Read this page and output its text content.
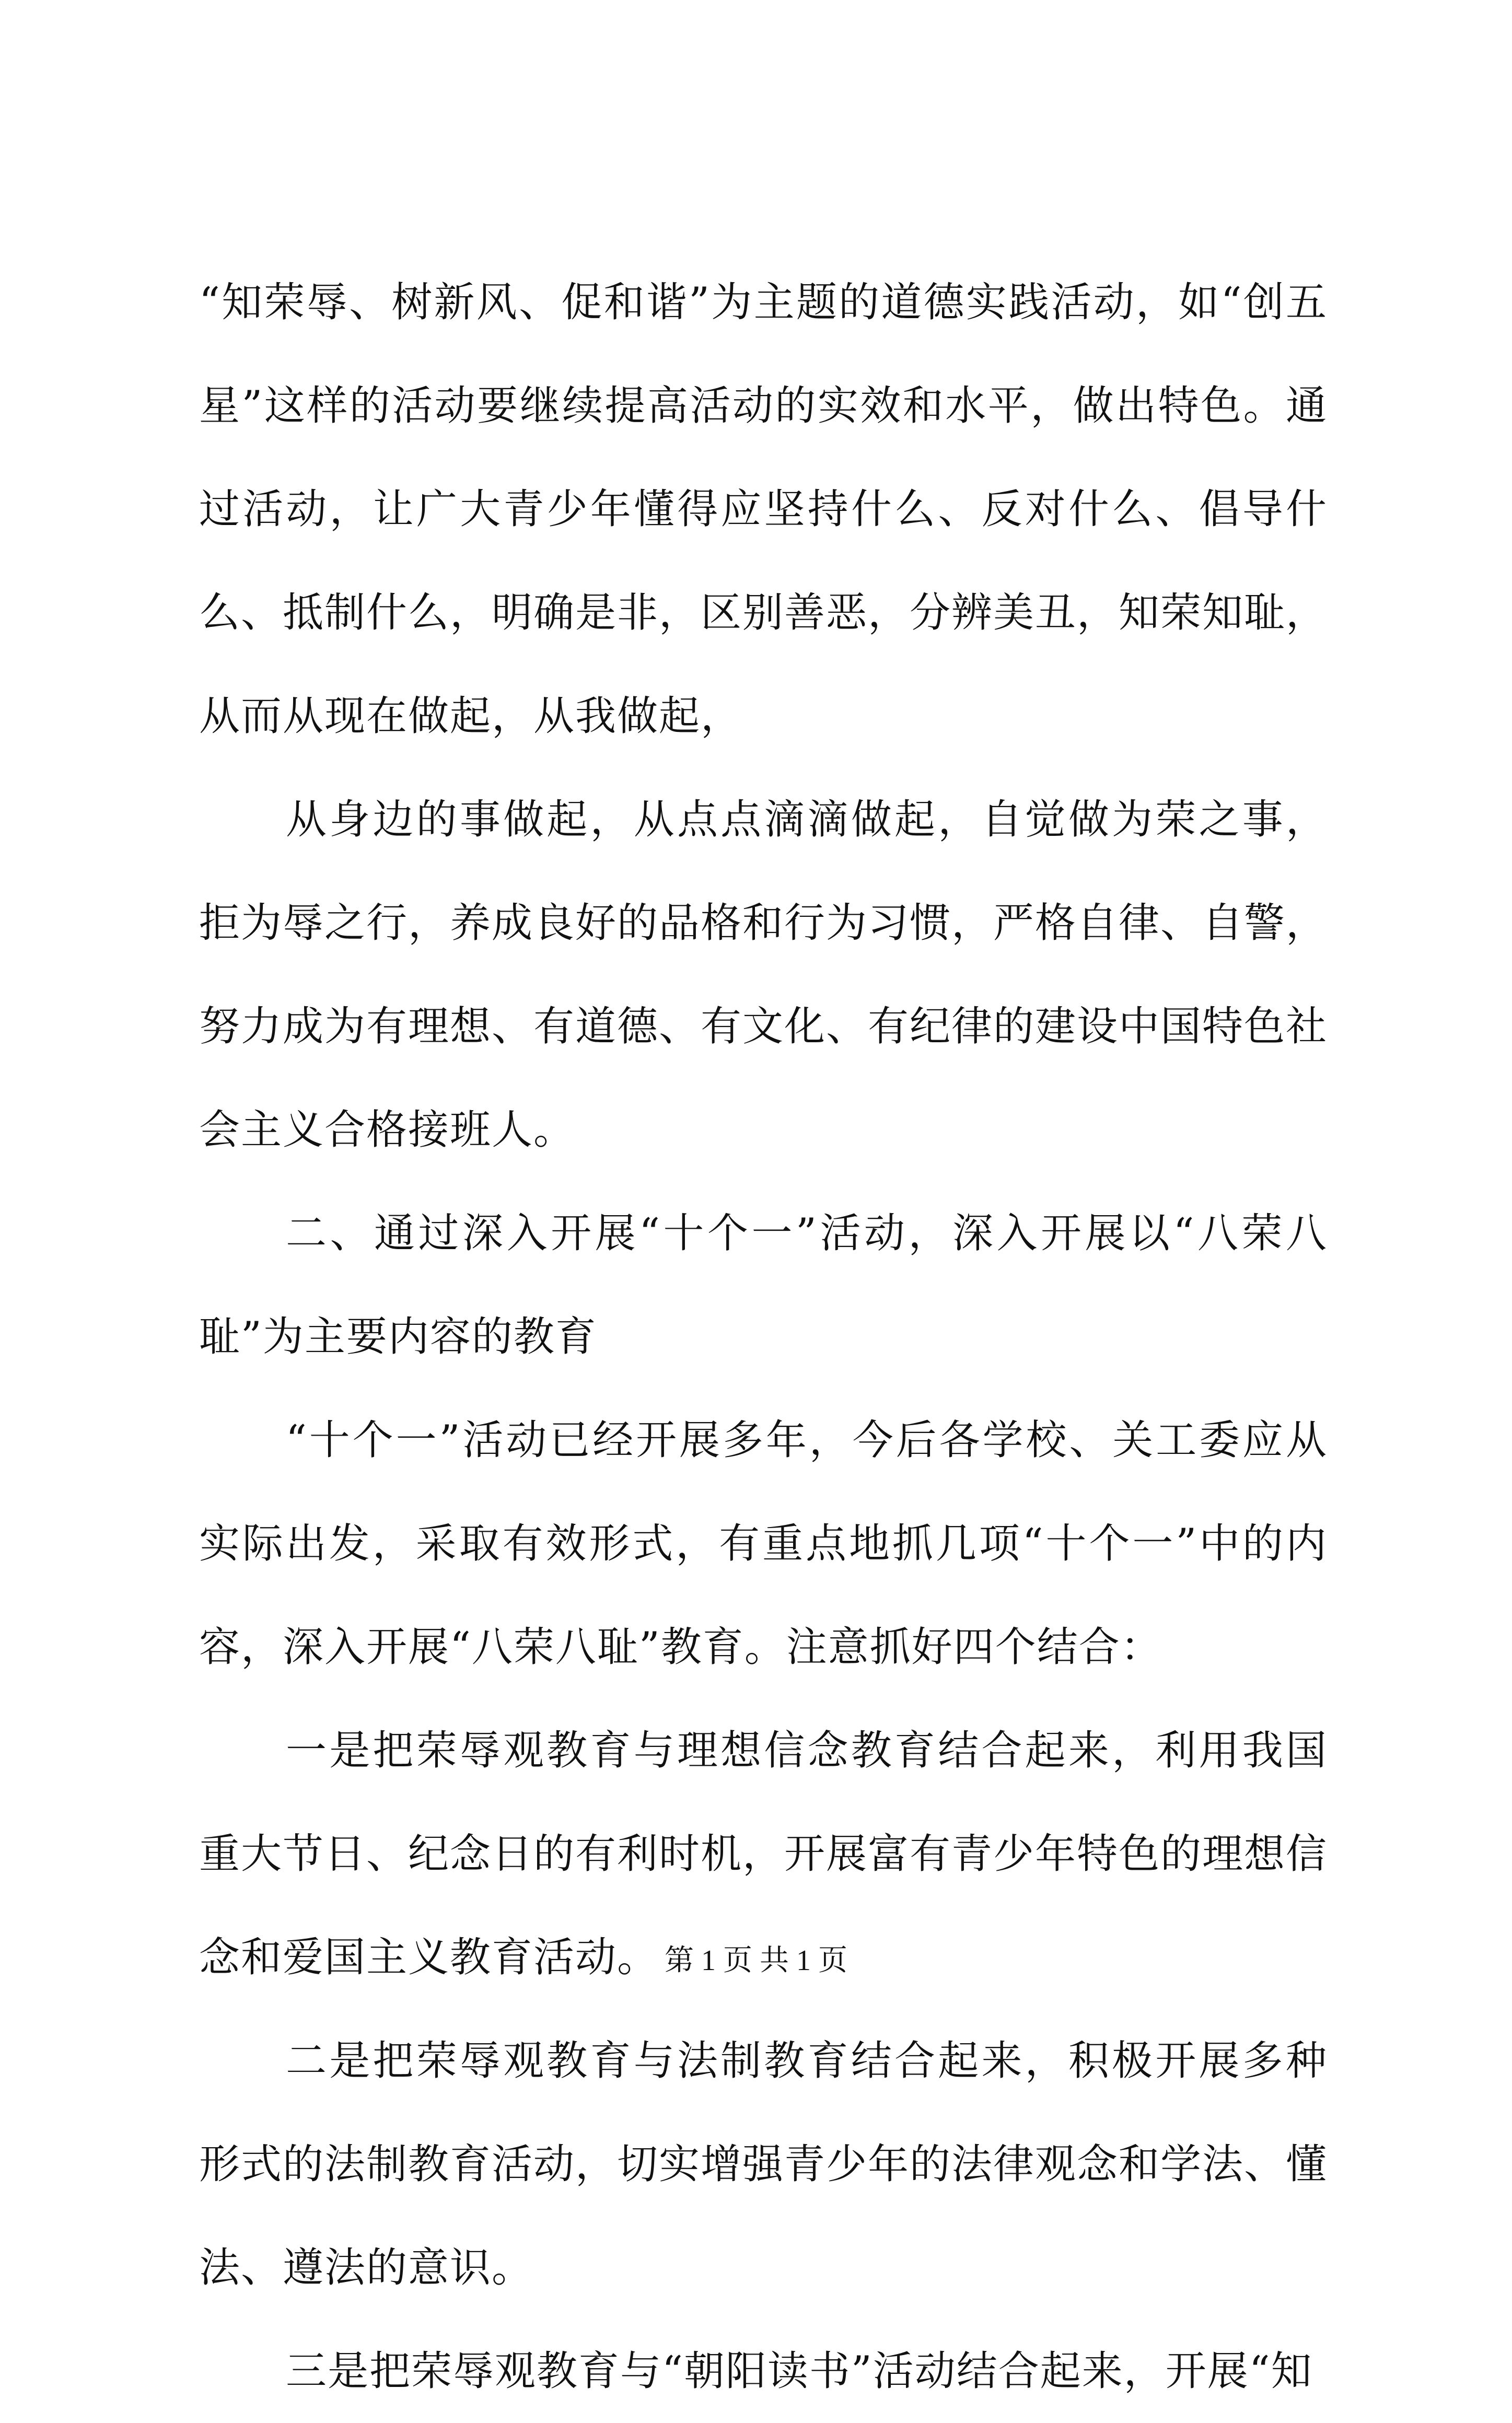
“知荣辱、树新风、促和谐”为主题的道德实践活动，如“创五星”这样的活动要继续提高活动的实效和水平，做出特色。通过活动，让广大青少年懂得应坚持什么、反对什么、倡导什么、抵制什么，明确是非，区别善恶，分辨美丑，知荣知耻，从而从现在做起，从我做起，

从身边的事做起，从点点滴滴做起，自觉做为荣之事，拒为辱之行，养成良好的品格和行为习惯，严格自律、自警，努力成为有理想、有道德、有文化、有纪律的建设中国特色社会主义合格接班人。

二、通过深入开展“十个一”活动，深入开展以“八荣八耻”为主要内容的教育

“十个一”活动已经开展多年，今后各学校、关工委应从实际出发，采取有效形式，有重点地抓几项“十个一”中的内容，深入开展“八荣八耻”教育。注意抓好四个结合：

一是把荣辱观教育与理想信念教育结合起来，利用我国重大节日、纪念日的有利时机，开展富有青少年特色的理想信念和爱国主义教育活动。

二是把荣辱观教育与法制教育结合起来，积极开展多种形式的法制教育活动，切实增强青少年的法律观念和学法、懂法、遵法的意识。

三是把荣辱观教育与“朝阳读书”活动结合起来，开展“知

第 1 页 共 1 页
